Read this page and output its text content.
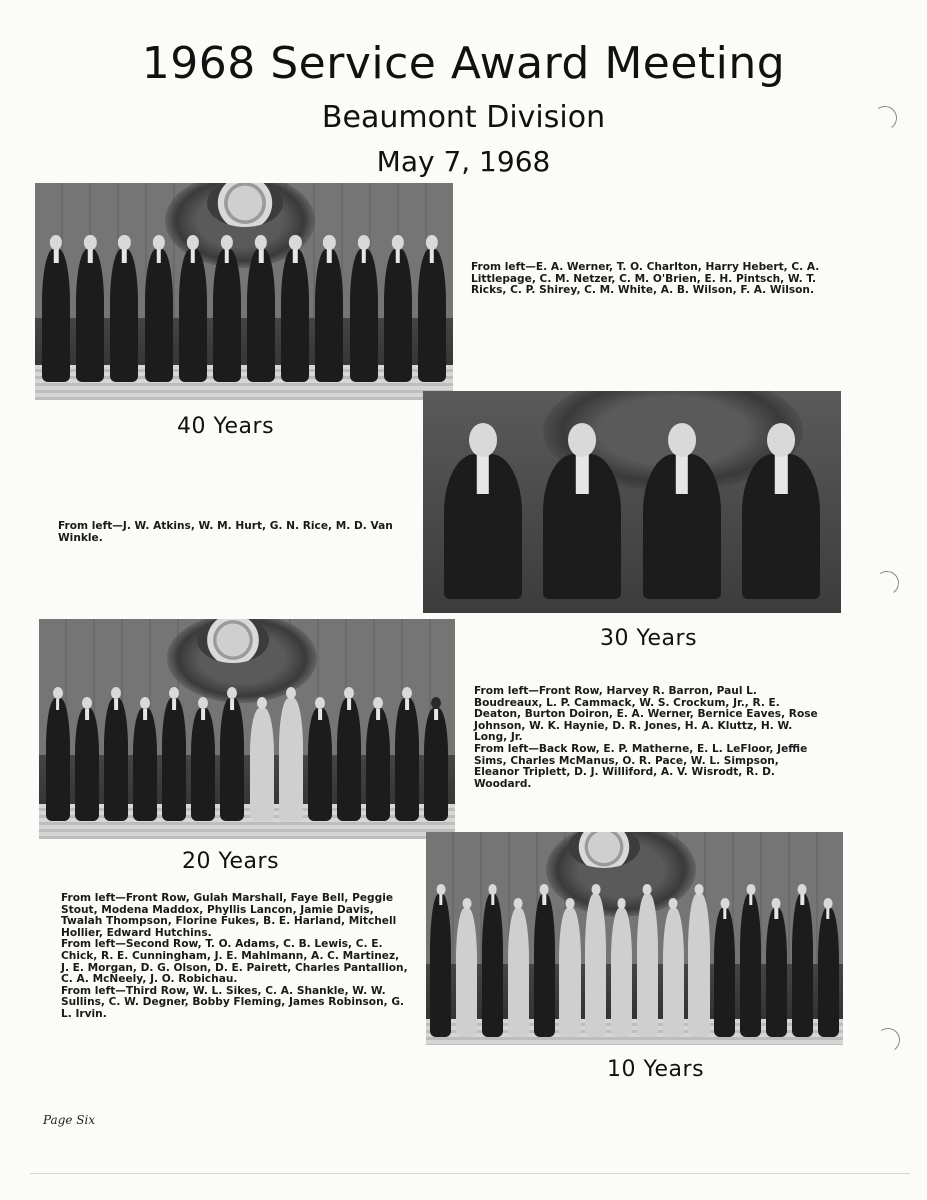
1968 Service Award Meeting
Beaumont Division
May 7, 1968

From left—E. A. Werner, T. O. Charlton, Harry Hebert, C. A. Littlepage, C. M. Netzer, C. M. O'Brien, E. H. Pintsch, W. T. Ricks, C. P. Shirey, C. M. White, A. B. Wilson, F. A. Wilson.

40 Years

From left—J. W. Atkins, W. M. Hurt, G. N. Rice, M. D. Van Winkle.

30 Years

From left—Front Row, Harvey R. Barron, Paul L. Boudreaux, L. P. Cammack, W. S. Crockum, Jr., R. E. Deaton, Burton Doiron, E. A. Werner, Bernice Eaves, Rose Johnson, W. K. Haynie, D. R. Jones, H. A. Kluttz, H. W. Long, Jr.
From left—Back Row, E. P. Matherne, E. L. LeFloor, Jeffie Sims, Charles McManus, O. R. Pace, W. L. Simpson, Eleanor Triplett, D. J. Williford, A. V. Wisrodt, R. D. Woodard.

20 Years

From left—Front Row, Gulah Marshall, Faye Bell, Peggie Stout, Modena Maddox, Phyllis Lancon, Jamie Davis, Twalah Thompson, Florine Fukes, B. E. Harland, Mitchell Hollier, Edward Hutchins.
From left—Second Row, T. O. Adams, C. B. Lewis, C. E. Chick, R. E. Cunningham, J. E. Mahlmann, A. C. Martinez, J. E. Morgan, D. G. Olson, D. E. Pairett, Charles Pantallion, C. A. McNeely, J. O. Robichau.
From left—Third Row, W. L. Sikes, C. A. Shankle, W. W. Sullins, C. W. Degner, Bobby Fleming, James Robinson, G. L. Irvin.

10 Years

Page Six
